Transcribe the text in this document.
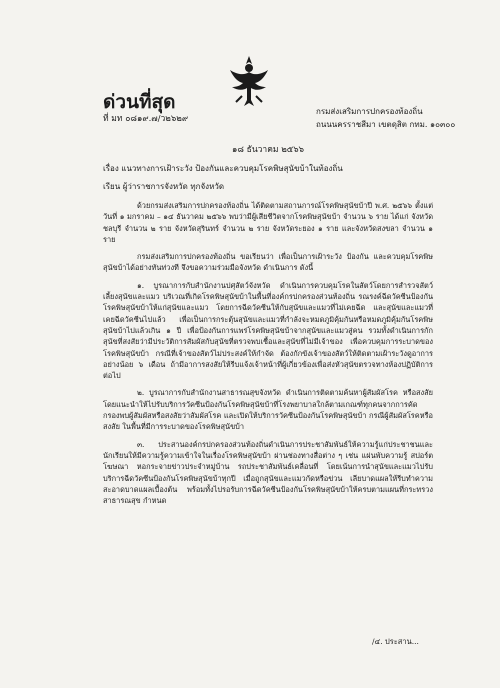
ด่วนที่สุด
ที่ มท ๐๘๑๙.๗/ว๒๖๒๙
กรมส่งเสริมการปกครองท้องถิ่น
ถนนนครราชสีมา เขตดุสิต กทม. ๑๐๓๐๐
๑๘ ธันวาคม ๒๕๖๖
เรื่อง แนวทางการเฝ้าระวัง ป้องกันและควบคุมโรคพิษสุนัขบ้าในท้องถิ่น
เรียน ผู้ว่าราชการจังหวัด ทุกจังหวัด

ด้วยกรมส่งเสริมการปกครองท้องถิ่น ได้ติดตามสถานการณ์โรคพิษสุนัขบ้าปี พ.ศ. ๒๕๖๖ ตั้งแต่วันที่ ๑ มกราคม – ๑๔ ธันวาคม ๒๕๖๖ พบว่ามีผู้เสียชีวิตจากโรคพิษสุนัขบ้า จำนวน ๖ ราย ได้แก่ จังหวัดชลบุรี จำนวน ๒ ราย จังหวัดสุรินทร์ จำนวน ๒ ราย จังหวัดระยอง ๑ ราย และจังหวัดสงขลา จำนวน ๑ ราย

กรมส่งเสริมการปกครองท้องถิ่น ขอเรียนว่า เพื่อเป็นการเฝ้าระวัง ป้องกัน และควบคุมโรคพิษสุนัขบ้าได้อย่างทันท่วงที จึงขอความร่วมมือจังหวัด ดำเนินการ ดังนี้

๑. บูรณาการกับสำนักงานปศุสัตว์จังหวัด ดำเนินการควบคุมโรคในสัตว์โดยการสำรวจสัตว์เลี้ยงสุนัขและแมว บริเวณที่เกิดโรคพิษสุนัขบ้าในพื้นที่องค์กรปกครองส่วนท้องถิ่น รณรงค์ฉีดวัคซีนป้องกันโรคพิษสุนัขบ้าให้แก่สุนัขและแมว โดยการฉีดวัคซีนให้กับสุนัขและแมวที่ไม่เคยฉีด และสุนัขและแมวที่เคยฉีดวัคซีนไปแล้ว เพื่อเป็นการกระตุ้นสุนัขและแมวที่กำลังจะหมดภูมิคุ้มกันหรือหมดภูมิคุ้มกันโรคพิษสุนัขบ้าไปแล้วเกิน ๑ ปี เพื่อป้องกันการแพร่โรคพิษสุนัขบ้าจากสุนัขและแมวสู่คน รวมทั้งดำเนินการกักสุนัขที่สงสัยว่ามีประวัติการสัมผัสกับสุนัขที่ตรวจพบเชื้อและสุนัขที่ไม่มีเจ้าของ เพื่อควบคุมการระบาดของโรคพิษสุนัขบ้า กรณีที่เจ้าของสัตว์ไม่ประสงค์ให้กำจัด ต้องกักขังเจ้าของสัตว์ให้ติดตามเฝ้าระวังดูอาการ อย่างน้อย ๖ เดือน ถ้ามีอาการสงสัยให้รีบแจ้งเจ้าหน้าที่ผู้เกี่ยวข้องเพื่อส่งหัวสุนัขตรวจทางห้องปฏิบัติการต่อไป

๒. บูรณาการกับสำนักงานสาธารณสุขจังหวัด ดำเนินการติดตามค้นหาผู้สัมผัสโรค หรือสงสัยโดยแนะนำให้ไปรับบริการวัคซีนป้องกันโรคพิษสุนัขบ้าที่โรงพยาบาลใกล้ตามเกณฑ์ทุกคนจากการคัดกรองพบผู้สัมผัสหรือสงสัยว่าสัมผัสโรค และเปิดให้บริการวัคซีนป้องกันโรคพิษสุนัขบ้า กรณีผู้สัมผัสโรคหรือสงสัย ในพื้นที่มีการระบาดของโรคพิษสุนัขบ้า

๓. ประสานองค์กรปกครองส่วนท้องถิ่นดำเนินการประชาสัมพันธ์ให้ความรู้แก่ประชาชนและนักเรียนให้มีความรู้ความเข้าใจในเรื่องโรคพิษสุนัขบ้า ผ่านช่องทางสื่อต่าง ๆ เช่น แผ่นพับความรู้ สปอร์ตโฆษณา หอกระจายข่าวประจำหมู่บ้าน รถประชาสัมพันธ์เคลื่อนที่ โดยเน้นการนำสุนัขและแมวไปรับบริการฉีดวัคซีนป้องกันโรคพิษสุนัขบ้าทุกปี เมื่อถูกสุนัขและแมวกัดหรือข่วน เลียบาดแผลให้รีบทำความสะอาดบาดแผลเบื้องต้น พร้อมทั้งไปรอรับการฉีดวัคซีนป้องกันโรคพิษสุนัขบ้าให้ครบตามแผนที่กระทรวงสาธารณสุข กำหนด

/๔. ประสาน...
